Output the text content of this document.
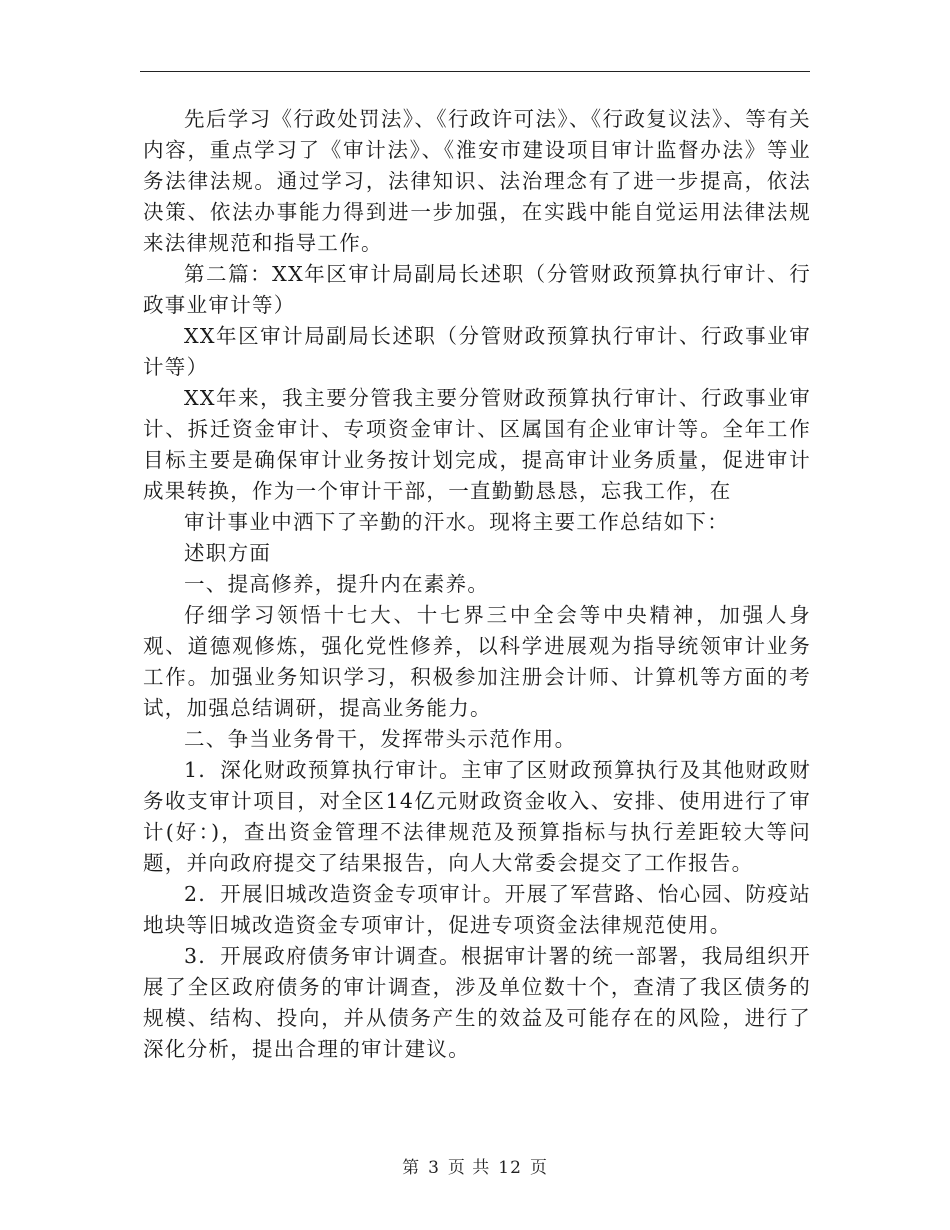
先后学习《行政处罚法》、《行政许可法》、《行政复议法》、等有关内容，重点学习了《审计法》、《淮安市建设项目审计监督办法》等业务法律法规。通过学习，法律知识、法治理念有了进一步提高，依法决策、依法办事能力得到进一步加强，在实践中能自觉运用法律法规来法律规范和指导工作。

第二篇：XX年区审计局副局长述职（分管财政预算执行审计、行政事业审计等）

XX年区审计局副局长述职（分管财政预算执行审计、行政事业审计等）

XX年来，我主要分管我主要分管财政预算执行审计、行政事业审计、拆迁资金审计、专项资金审计、区属国有企业审计等。全年工作目标主要是确保审计业务按计划完成，提高审计业务质量，促进审计成果转换，作为一个审计干部，一直勤勤恳恳，忘我工作，在

审计事业中洒下了辛勤的汗水。现将主要工作总结如下：

述职方面

一、提高修养，提升内在素养。

仔细学习领悟十七大、十七界三中全会等中央精神，加强人身观、道德观修炼，强化党性修养，以科学进展观为指导统领审计业务工作。加强业务知识学习，积极参加注册会计师、计算机等方面的考试，加强总结调研，提高业务能力。

二、争当业务骨干，发挥带头示范作用。

1．深化财政预算执行审计。主审了区财政预算执行及其他财政财务收支审计项目，对全区14亿元财政资金收入、安排、使用进行了审计(好：)，查出资金管理不法律规范及预算指标与执行差距较大等问题，并向政府提交了结果报告，向人大常委会提交了工作报告。

2．开展旧城改造资金专项审计。开展了军营路、怡心园、防疫站地块等旧城改造资金专项审计，促进专项资金法律规范使用。

3．开展政府债务审计调查。根据审计署的统一部署，我局组织开展了全区政府债务的审计调查，涉及单位数十个，查清了我区债务的规模、结构、投向，并从债务产生的效益及可能存在的风险，进行了深化分析，提出合理的审计建议。

第 3 页 共 12 页
